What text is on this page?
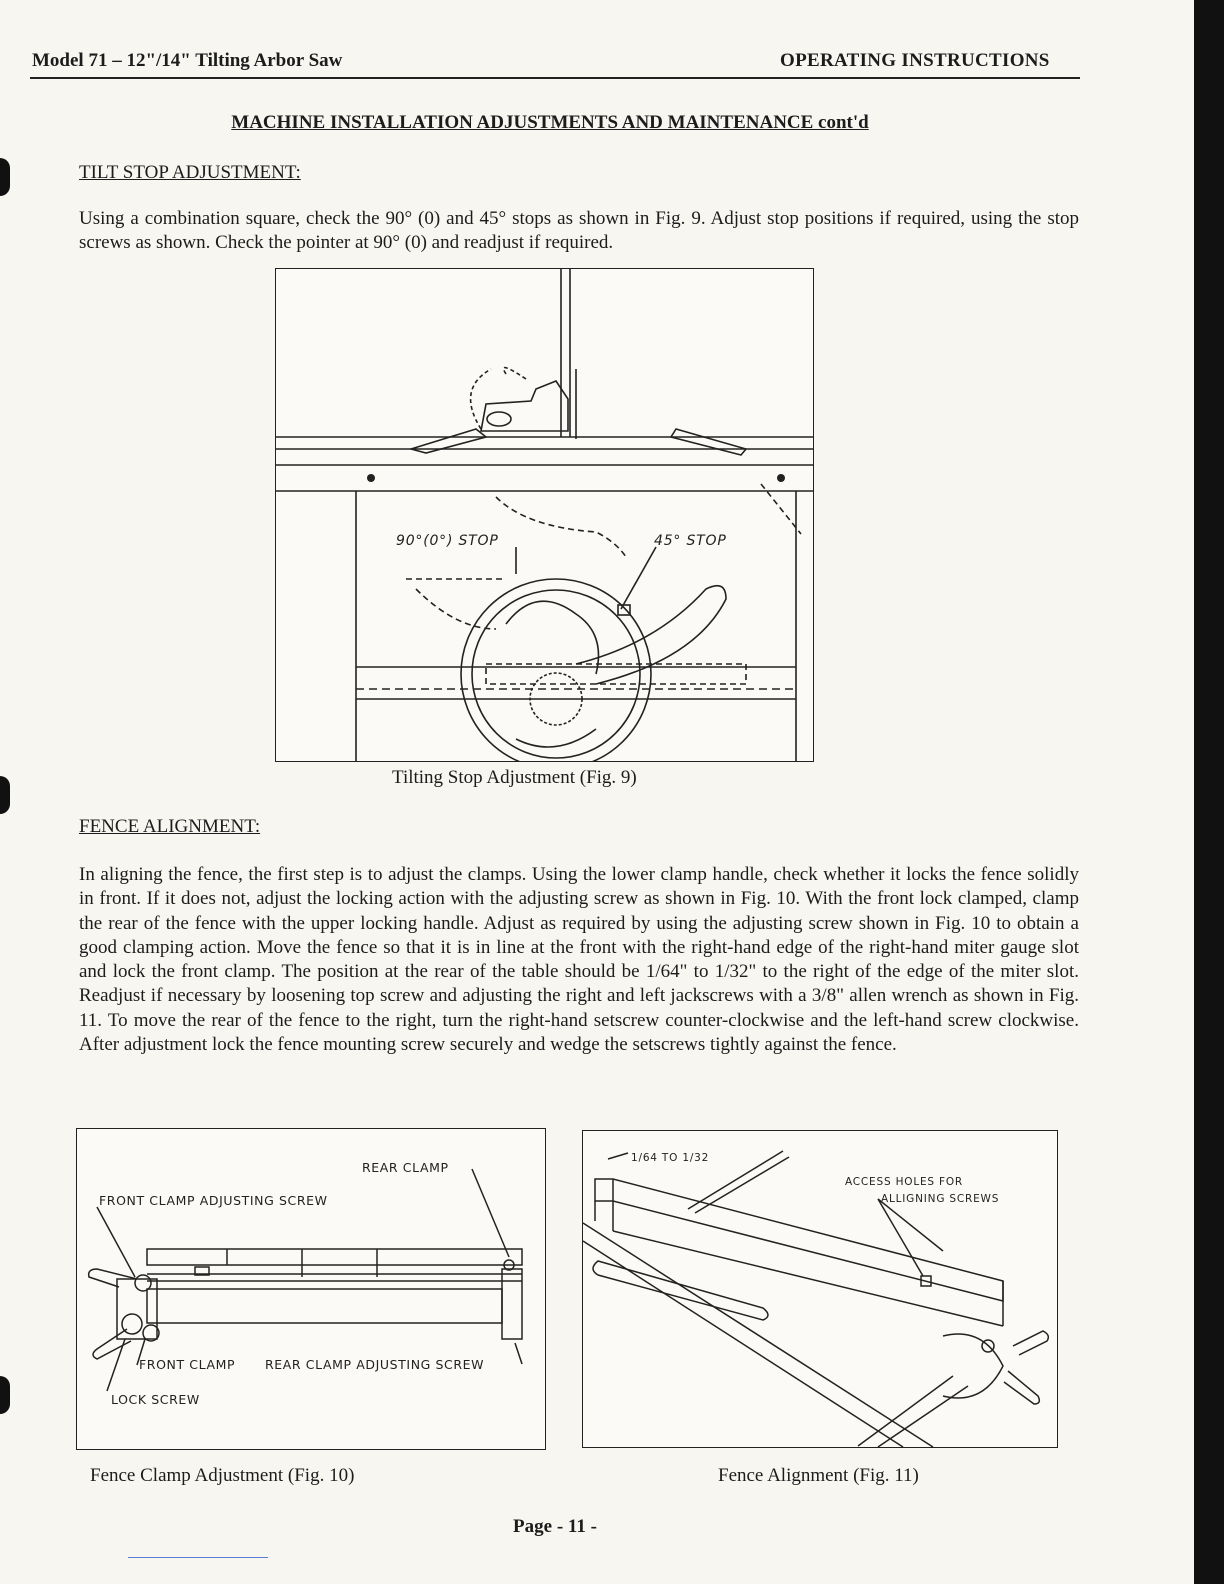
Model 71 – 12"/14" Tilting Arbor Saw	OPERATING INSTRUCTIONS
MACHINE INSTALLATION ADJUSTMENTS AND MAINTENANCE cont'd
TILT STOP ADJUSTMENT:

Using a combination square, check the 90° (0) and 45° stops as shown in Fig. 9. Adjust stop positions if required, using the stop screws as shown. Check the pointer at 90° (0) and readjust if required.

90°(0°) STOP	45° STOP
Tilting Stop Adjustment (Fig. 9)
FENCE ALIGNMENT:

In aligning the fence, the first step is to adjust the clamps. Using the lower clamp handle, check whether it locks the fence solidly in front. If it does not, adjust the locking action with the adjusting screw as shown in Fig. 10. With the front lock clamped, clamp the rear of the fence with the upper locking handle. Adjust as required by using the adjusting screw shown in Fig. 10 to obtain a good clamping action. Move the fence so that it is in line at the front with the right-hand edge of the right-hand miter gauge slot and lock the front clamp. The position at the rear of the table should be 1/64" to 1/32" to the right of the edge of the miter slot. Readjust if necessary by loosening top screw and adjusting the right and left jackscrews with a 3/8" allen wrench as shown in Fig. 11. To move the rear of the fence to the right, turn the right-hand setscrew counter-clockwise and the left-hand screw clockwise. After adjustment lock the fence mounting screw securely and wedge the setscrews tightly against the fence.

REAR CLAMP
FRONT CLAMP ADJUSTING SCREW
FRONT CLAMP REAR CLAMP ADJUSTING SCREW
LOCK SCREW
Fence Clamp Adjustment (Fig. 10)
1/64 TO 1/32
ACCESS HOLES FOR
ALLIGNING SCREWS
Fence Alignment (Fig. 11)
Page - 11 -
